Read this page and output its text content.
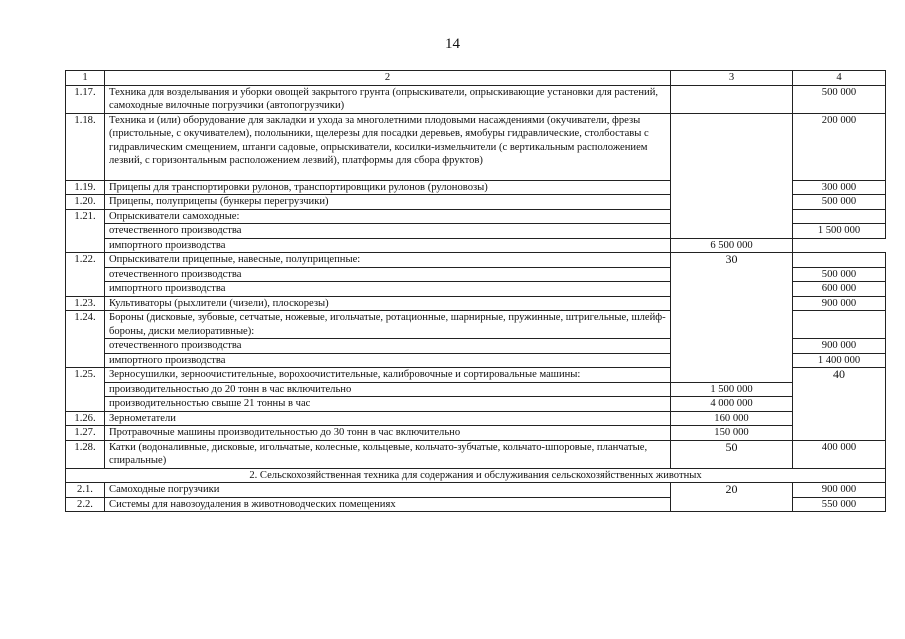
14
1	2	3	4	
1.17.	Техника для возделывания и уборки овощей закрытого грунта (опрыскиватели, опрыскивающие установки для растений, самоходные вилочные погрузчики (автопогрузчики)		500 000	
1.18.	Техника и (или) оборудование для закладки и ухода за многолетними плодовыми насаждениями (окучиватели, фрезы (пристольные, с окучивателем), пололыники, щелерезы для посадки деревьев, ямобуры гидравлические, столбоставы с гидравлическим смещением, штанги садовые, опрыскиватели, косилки-измельчители (с вертикальным расположением лезвий, с горизонтальным расположением лезвий), платформы для сбора фруктов)		200 000	
1.19.	Прицепы для транспортировки рулонов, транспортировщики рулонов (рулоновозы)		300 000	
1.20.	Прицепы, полуприцепы (бункеры перегрузчики)		500 000	
1.21.	Опрыскиватели самоходные:			
	отечественного производства		1 500 000	
	импортного производства	6 500 000		
1.22.	Опрыскиватели прицепные, навесные, полуприцепные:	30		
	отечественного производства		500 000	
	импортного производства		600 000	
1.23.	Культиваторы (рыхлители (чизели), плоскорезы)		900 000	
1.24.	Бороны (дисковые, зубовые, сетчатые, ножевые, игольчатые, ротационные, шарнирные, пружинные, штригельные, шлейф-бороны, диски мелиоративные):			
	отечественного производства		900 000	
	импортного производства		1 400 000	
1.25.	Зерносушилки, зерноочистительные, ворохоочистительные, калибровочные и сортировальные машины:		40	
	производительностью до 20 тонн в час включительно	1 500 000		
	производительностью свыше 21 тонны в час	4 000 000		
1.26.	Зернометатели	160 000		
1.27.	Протравочные машины производительностью до 30 тонн в час включительно	150 000		
1.28.	Катки (водоналивные, дисковые, игольчатые, колесные, кольцевые, кольчато-зубчатые, кольчато-шпоровые, планчатые, спиральные)	50	400 000	
2. Сельскохозяйственная техника для содержания и обслуживания сельскохозяйственных животных				
2.1.	Самоходные погрузчики	20	900 000	
2.2.	Системы для навозоудаления в животноводческих помещениях		550 000	
